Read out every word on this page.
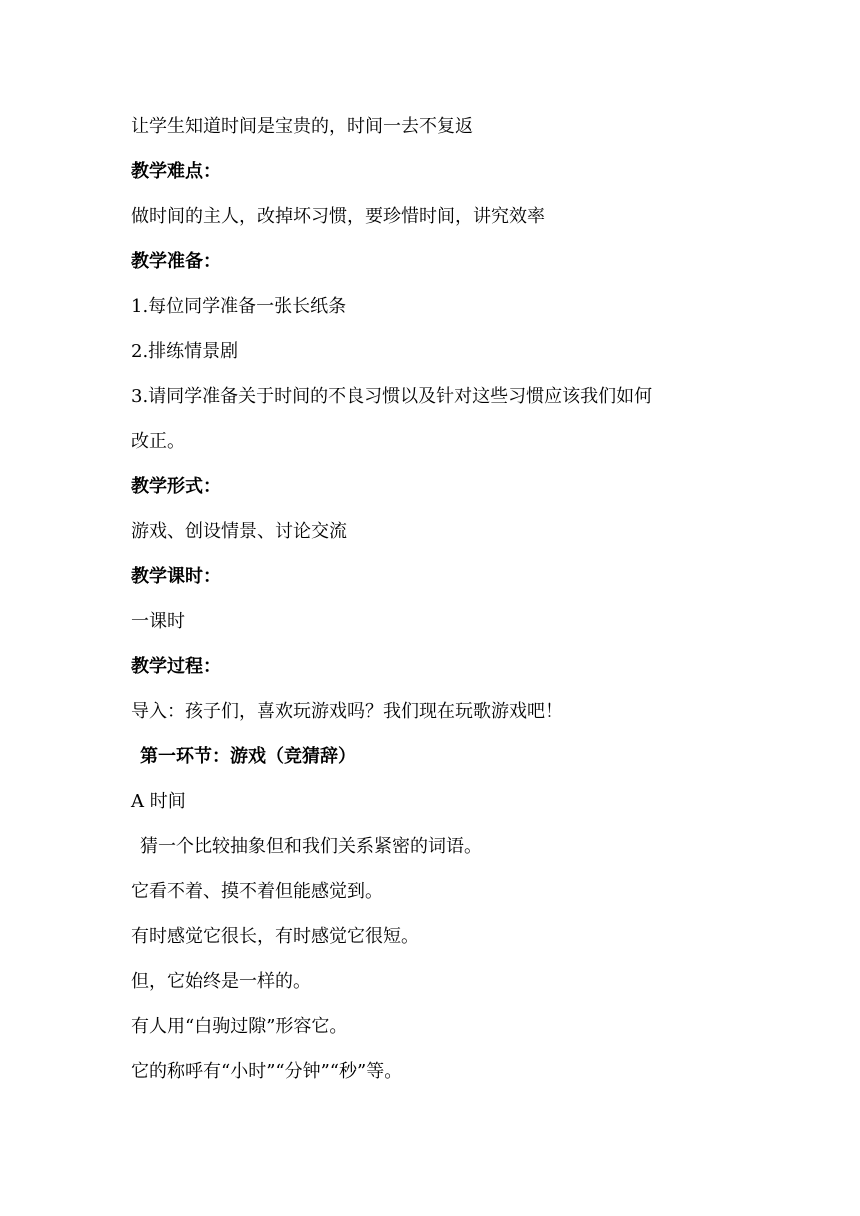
让学生知道时间是宝贵的，时间一去不复返
教学难点：
做时间的主人，改掉坏习惯，要珍惜时间，讲究效率
教学准备：
1.每位同学准备一张长纸条
2.排练情景剧
3.请同学准备关于时间的不良习惯以及针对这些习惯应该我们如何
改正。
教学形式：
游戏、创设情景、讨论交流
教学课时：
一课时
教学过程：
导入：孩子们，喜欢玩游戏吗？我们现在玩歌游戏吧！
第一环节：游戏（竞猜辞）
A 时间
猜一个比较抽象但和我们关系紧密的词语。
它看不着、摸不着但能感觉到。
有时感觉它很长，有时感觉它很短。
但，它始终是一样的。
有人用“白驹过隙”形容它。
它的称呼有“小时”“分钟”“秒”等。
